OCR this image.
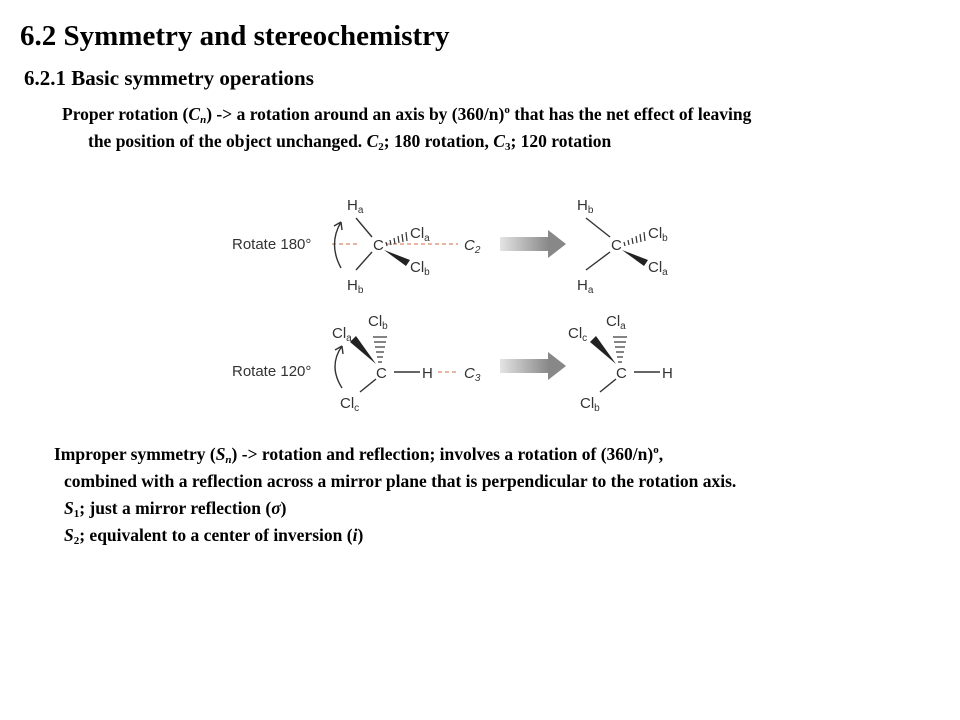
6.2 Symmetry and stereochemistry
6.2.1 Basic symmetry operations

Proper rotation $(C_n) -> a$ rotation around an axis by $(360/n)^o$ that has the net effect of leaving
the position of the object unchanged. $C_2$; 180 rotation, $C_3$; 120 rotation

Rotate 180°
$H_a$
C
$H_b$
$Cl_a$
$Cl_b$
$C_2$
$H_b$
C
$H_a$
$Cl_b$
$Cl_a$
Rotate 120°
$Cl_a$
$Cl_b$
C H
$Cl_c$
$C_3$
$Cl_c$
$Cl_a$
C H
$Cl_b$

Improper symmetry $(S_n)$ -> rotation and reflection; involves a rotation of $(360/n)^o$,
combined with a reflection across a mirror plane that is perpendicular to the rotation axis.
$S_1$; just a mirror reflection (σ)
$S_2$; equivalent to a center of inversion (i)
